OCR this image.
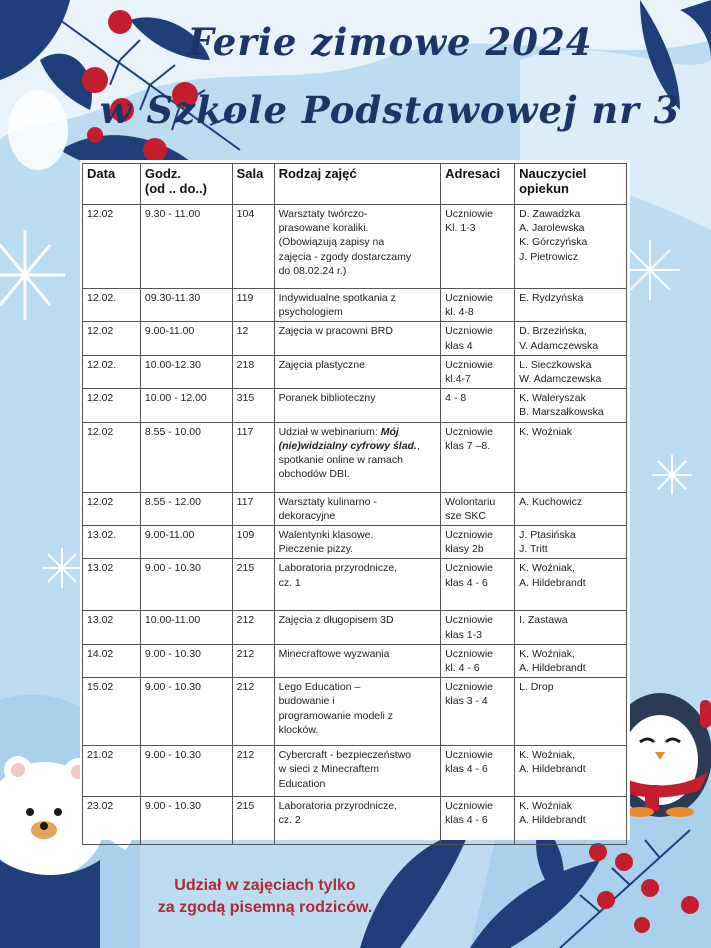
Ferie zimowe 2024
w Szkole Podstawowej nr 3
Data	Godz.
(od .. do..)	Sala	Rodzaj zajęć	Adresaci	Nauczyciel
opiekun

12.02	9.30 - 11.00	104	Warsztaty twórczo-
prasowane koraliki.
(Obowiązują zapisy na
zajęcia - zgody dostarczamy
do 08.02.24 r.)	Uczniowie
Kl. 1-3	D. Zawadzka
A. Jarolewska
K. Górczyńska
J. Pietrowicz

12.02.	09.30-11.30	119	Indywidualne spotkania z
psychologiem	Uczniowie
kl. 4-8	E. Rydzyńska

12.02	9.00-11.00	12	Zajęcia w pracowni BRD	Uczniowie
klas 4	D. Brzezińska,
V. Adamczewska

12.02.	10.00-12.30	218	Zajęcia plastyczne	Uczniowie
kl.4-7	L. Sieczkowska
W. Adamczewska

12.02	10.00 - 12.00	315	Poranek biblioteczny	4 - 8	K. Waleryszak
B. Marszałkowska

12.02	8.55 - 10.00	117	Udział w webinarium: Mój (nie)widzialny cyfrowy ślad., spotkanie online w ramach obchodów DBI.	Uczniowie
klas 7 –8.	K. Woźniak

12.02	8.55 - 12.00	117	Warsztaty kulinarno -
dekoracyjne	Wolontariu
sze SKC	A. Kuchowicz

13.02.	9.00-11.00	109	Walentynki klasowe.
Pieczenie pizzy.	Uczniowie
klasy 2b	J. Ptasińska
J. Tritt

13.02	9.00 - 10.30	215	Laboratoria przyrodnicze,
cz. 1	Uczniowie
klas 4 - 6	K. Woźniak,
A. Hildebrandt

13.02	10.00-11.00	212	Zajęcia z długopisem 3D	Uczniowie
klas 1-3	I. Zastawa

14.02	9.00 - 10.30	212	Minecraftowe wyzwania	Uczniowie
kl. 4 - 6	K. Woźniak,
A. Hildebrandt

15.02	9.00 - 10.30	212	Lego Education –
budowanie i
programowanie modeli z
klocków.	Uczniowie
klas 3 - 4	L. Drop

21.02	9.00 - 10.30	212	Cybercraft - bezpieczeństwo
w sieci z Minecraftem
Education	Uczniowie
klas 4 - 6	K. Woźniak,
A. Hildebrandt

23.02	9.00 - 10.30	215	Laboratoria przyrodnicze,
cz. 2	Uczniowie
klas 4 - 6	K. Woźniak
A. Hildebrandt
Udział w zajęciach tylko
za zgodą pisemną rodziców.
